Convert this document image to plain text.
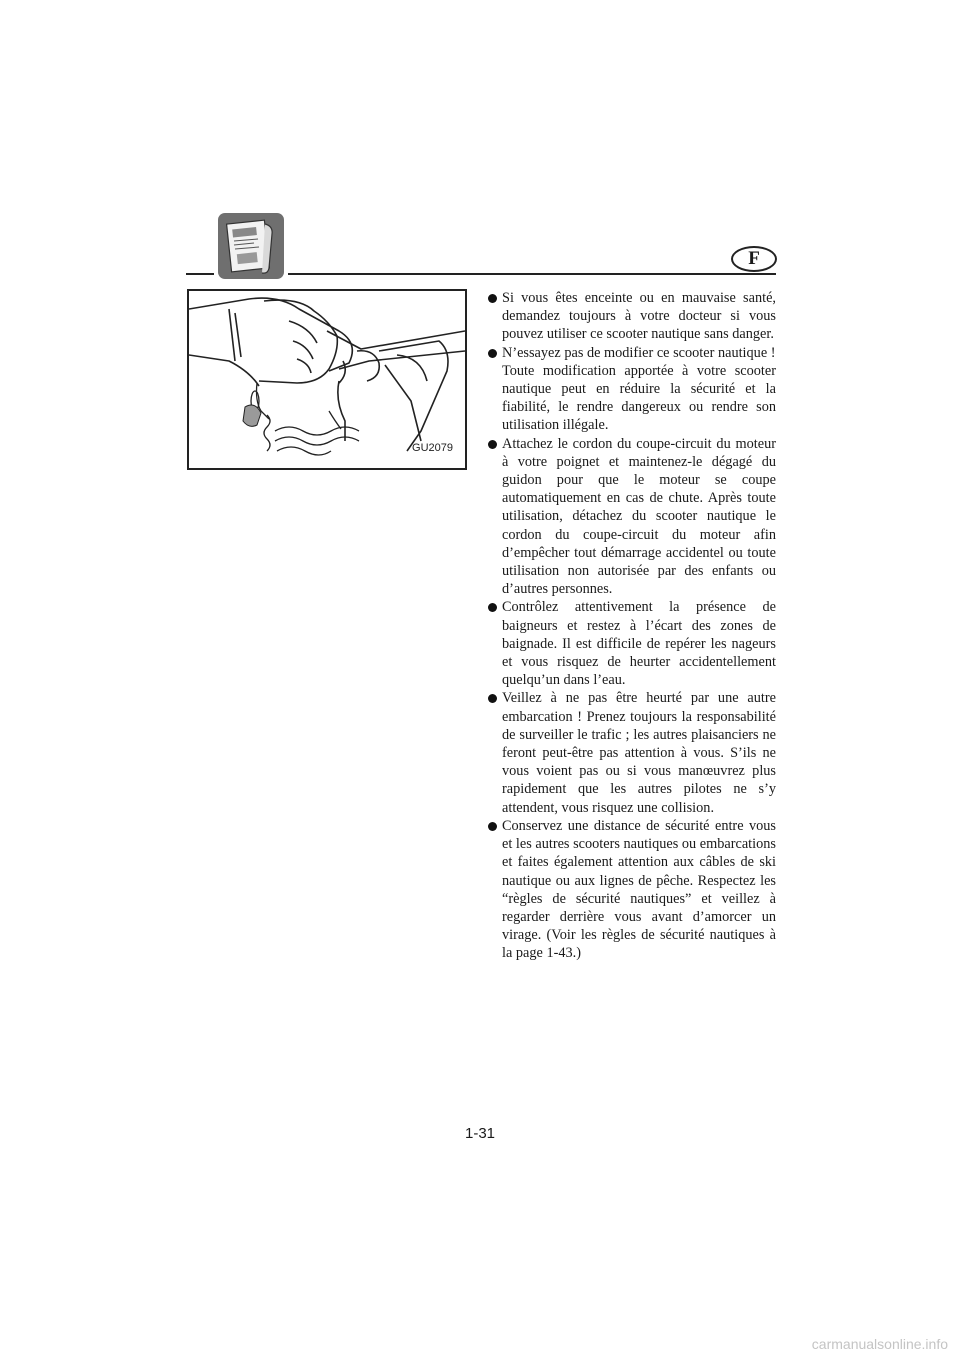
F
GU2079
Si vous êtes enceinte ou en mauvaise santé, demandez toujours à votre docteur si vous pouvez utiliser ce scooter nautique sans danger.
N’essayez pas de modifier ce scooter nautique !
Toute modification apportée à votre scooter nautique peut en réduire la sécurité et la fiabilité, le rendre dangereux ou rendre son utilisation illégale.
Attachez le cordon du coupe-circuit du moteur à votre poignet et maintenez-le dégagé du guidon pour que le moteur se coupe automatiquement en cas de chute. Après toute utilisation, détachez du scooter nautique le cordon du coupe-circuit du moteur afin d’empêcher tout démarrage accidentel ou toute utilisation non autorisée par des enfants ou d’autres personnes.
Contrôlez attentivement la présence de baigneurs et restez à l’écart des zones de baignade. Il est difficile de repérer les nageurs et vous risquez de heurter accidentellement quelqu’un dans l’eau.
Veillez à ne pas être heurté par une autre embarcation ! Prenez toujours la responsabilité de surveiller le trafic ; les autres plaisanciers ne feront peut-être pas attention à vous. S’ils ne vous voient pas ou si vous manœuvrez plus rapidement que les autres pilotes ne s’y attendent, vous risquez une collision.
Conservez une distance de sécurité entre vous et les autres scooters nautiques ou embarcations et faites également attention aux câbles de ski nautique ou aux lignes de pêche. Respectez les “règles de sécurité nautiques” et veillez à regarder derrière vous avant d’amorcer un virage. (Voir les règles de sécurité nautiques à la page 1-43.)
1-31
carmanualsonline.info
